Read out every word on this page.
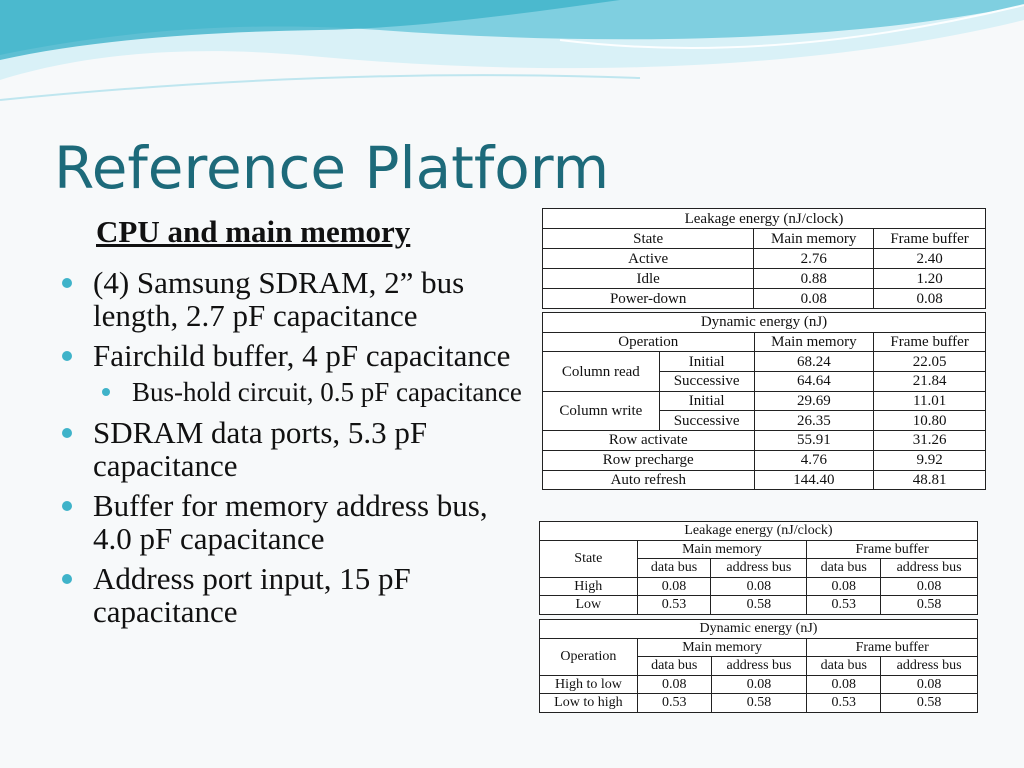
Reference Platform
CPU and main memory
(4) Samsung SDRAM, 2” bus length, 2.7 pF capacitance
Fairchild buffer, 4 pF capacitance
Bus-hold circuit, 0.5 pF capacitance
SDRAM data ports, 5.3 pF capacitance
Buffer for memory address bus, 4.0 pF capacitance
Address port input, 15 pF capacitance
Leakage energy (nJ/clock)		
State	Main memory	Frame buffer
Active	2.76	2.40
Idle	0.88	1.20
Power-down	0.08	0.08
Dynamic energy (nJ)			
Operation		Main memory	Frame buffer
Column read	Initial	68.24	22.05
	Successive	64.64	21.84
Column write	Initial	29.69	11.01
	Successive	26.35	10.80
Row activate		55.91	31.26
Row precharge		4.76	9.92
Auto refresh		144.40	48.81
Leakage energy (nJ/clock)				
State	Main memory		Frame buffer	
	data bus	address bus	data bus	address bus
High	0.08	0.08	0.08	0.08
Low	0.53	0.58	0.53	0.58
Dynamic energy (nJ)				
Operation	Main memory		Frame buffer	
	data bus	address bus	data bus	address bus
High to low	0.08	0.08	0.08	0.08
Low to high	0.53	0.58	0.53	0.58
